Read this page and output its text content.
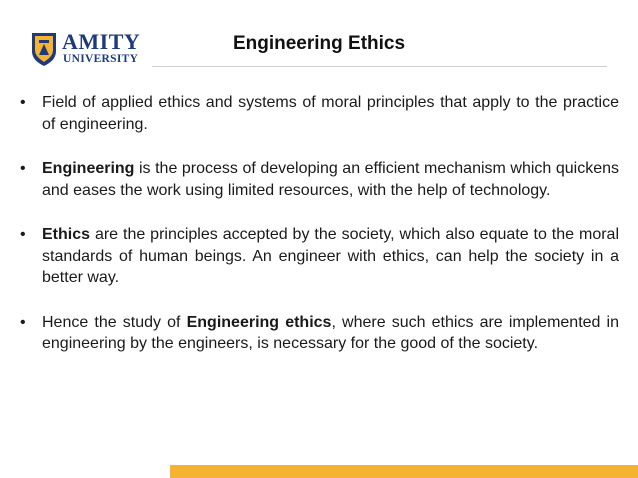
AMITY
UNIVERSITY
Engineering Ethics
• Field of applied ethics and systems of moral principles that apply to the practice of engineering.
• Engineering is the process of developing an efficient mechanism which quickens and eases the work using limited resources, with the help of technology.
• Ethics are the principles accepted by the society, which also equate to the moral standards of human beings. An engineer with ethics, can help the society in a better way.
• Hence the study of Engineering ethics, where such ethics are implemented in engineering by the engineers, is necessary for the good of the society.
